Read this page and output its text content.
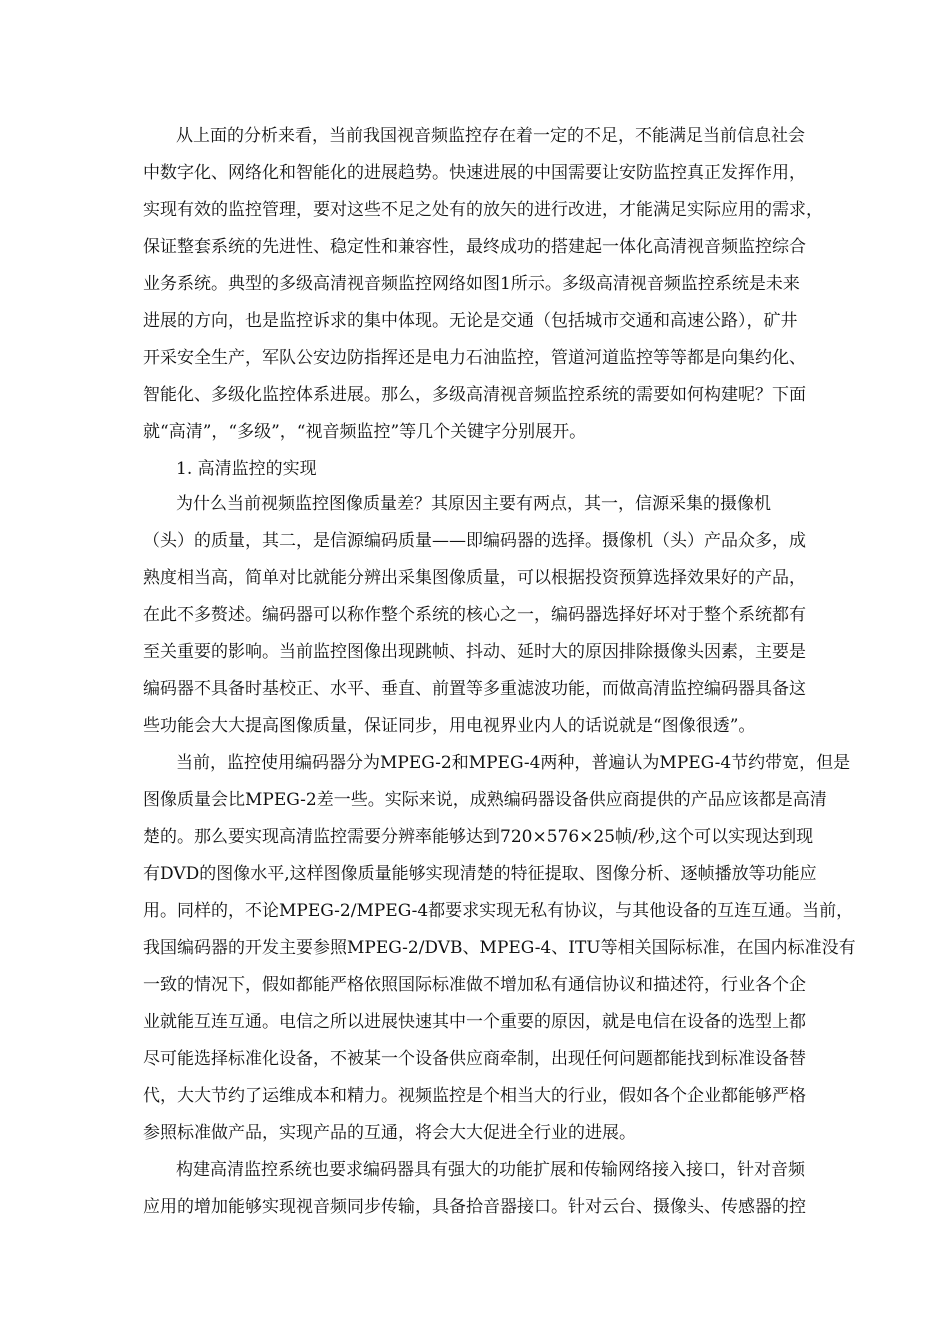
从上面的分析来看，当前我国视音频监控存在着一定的不足，不能满足当前信息社会

中数字化、网络化和智能化的进展趋势。快速进展的中国需要让安防监控真正发挥作用，

实现有效的监控管理，要对这些不足之处有的放矢的进行改进，才能满足实际应用的需求，

保证整套系统的先进性、稳定性和兼容性，最终成功的搭建起一体化高清视音频监控综合

业务系统。典型的多级高清视音频监控网络如图1所示。多级高清视音频监控系统是未来

进展的方向，也是监控诉求的集中体现。无论是交通（包括城市交通和高速公路），矿井

开采安全生产，军队公安边防指挥还是电力石油监控，管道河道监控等等都是向集约化、

智能化、多级化监控体系进展。那么，多级高清视音频监控系统的需要如何构建呢？下面

就“高清”，“多级”，“视音频监控”等几个关键字分别展开。

1. 高清监控的实现

为什么当前视频监控图像质量差？其原因主要有两点，其一，信源采集的摄像机

（头）的质量，其二，是信源编码质量——即编码器的选择。摄像机（头）产品众多，成

熟度相当高，简单对比就能分辨出采集图像质量，可以根据投资预算选择效果好的产品，

在此不多赘述。编码器可以称作整个系统的核心之一，编码器选择好坏对于整个系统都有

至关重要的影响。当前监控图像出现跳帧、抖动、延时大的原因排除摄像头因素，主要是

编码器不具备时基校正、水平、垂直、前置等多重滤波功能，而做高清监控编码器具备这

些功能会大大提高图像质量，保证同步，用电视界业内人的话说就是“图像很透”。

当前，监控使用编码器分为MPEG-2和MPEG-4两种，普遍认为MPEG-4节约带宽，但是

图像质量会比MPEG-2差一些。实际来说，成熟编码器设备供应商提供的产品应该都是高清

楚的。那么要实现高清监控需要分辨率能够达到720×576×25帧/秒,这个可以实现达到现

有DVD的图像水平,这样图像质量能够实现清楚的特征提取、图像分析、逐帧播放等功能应

用。同样的，不论MPEG-2/MPEG-4都要求实现无私有协议，与其他设备的互连互通。当前，

我国编码器的开发主要参照MPEG-2/DVB、MPEG-4、ITU等相关国际标准，在国内标准没有

一致的情况下，假如都能严格依照国际标准做不增加私有通信协议和描述符，行业各个企

业就能互连互通。电信之所以进展快速其中一个重要的原因，就是电信在设备的选型上都

尽可能选择标准化设备，不被某一个设备供应商牵制，出现任何问题都能找到标准设备替

代，大大节约了运维成本和精力。视频监控是个相当大的行业，假如各个企业都能够严格

参照标准做产品，实现产品的互通，将会大大促进全行业的进展。

构建高清监控系统也要求编码器具有强大的功能扩展和传输网络接入接口，针对音频

应用的增加能够实现视音频同步传输，具备拾音器接口。针对云台、摄像头、传感器的控
